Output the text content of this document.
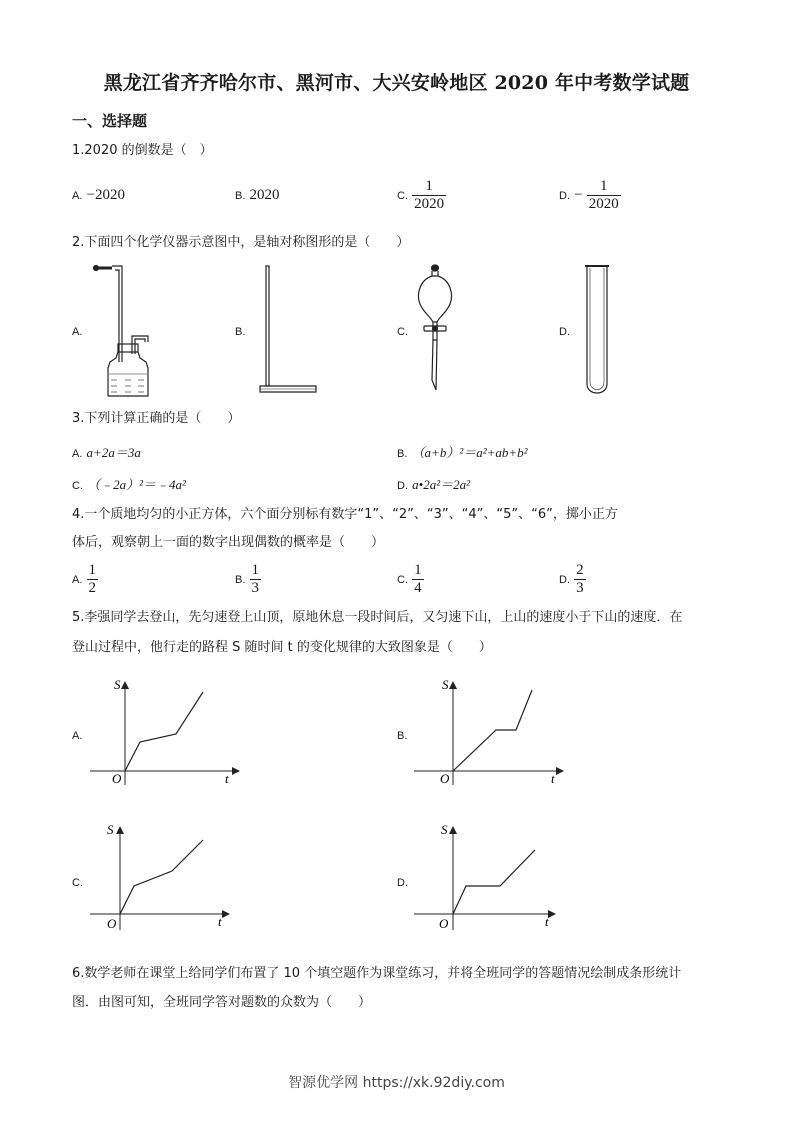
黑龙江省齐齐哈尔市、黑河市、大兴安岭地区 2020 年中考数学试题
一、选择题
1.2020 的倒数是（　）
A. −2020	B. 2020	C. $\frac{1}{2020}$	D. − $\frac{1}{2020}$
2.下面四个化学仪器示意图中，是轴对称图形的是（　　）
A.	B.	C.	D.
3.下列计算正确的是（　　）
A. a+2a＝3a	B. （a+b）²＝a²+ab+b²
C. （﹣2a）²＝﹣4a²	D. a•2a²＝2a²
4.一个质地均匀的小正方体，六个面分别标有数字“1”、“2”、“3”、“4”、“5”、“6”，掷小正方
体后，观察朝上一面的数字出现偶数的概率是（　　）
A. $\frac{1}{2}$	B. $\frac{1}{3}$	C. $\frac{1}{4}$	D. $\frac{2}{3}$
5.李强同学去登山，先匀速登上山顶，原地休息一段时间后，又匀速下山，上山的速度小于下山的速度．在
登山过程中，他行走的路程 S 随时间 t 的变化规律的大致图象是（　　）
A.	B.
C.	D.
S
t
O
S
t
O
S
t
O
S
t
O
6.数学老师在课堂上给同学们布置了 10 个填空题作为课堂练习，并将全班同学的答题情况绘制成条形统计
图．由图可知，全班同学答对题数的众数为（　　）
智源优学网 https://xk.92diy.com
